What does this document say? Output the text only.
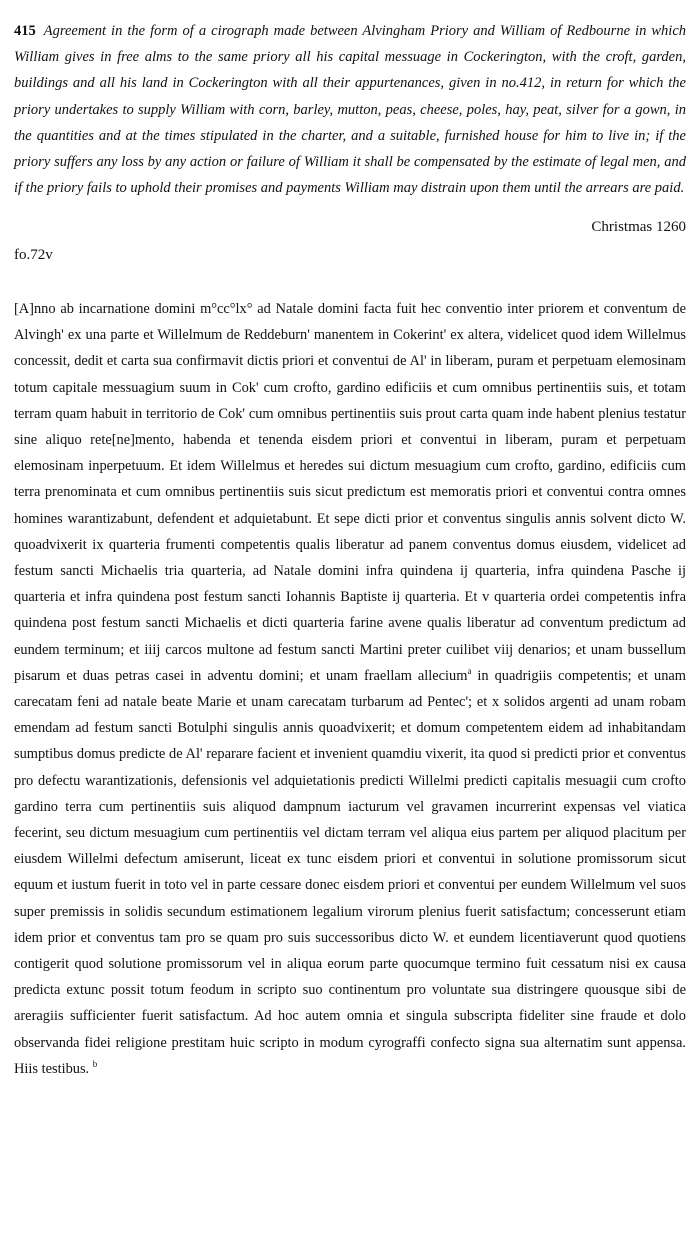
415 Agreement in the form of a cirograph made between Alvingham Priory and William of Redbourne in which William gives in free alms to the same priory all his capital messuage in Cockerington, with the croft, garden, buildings and all his land in Cockerington with all their appurtenances, given in no.412, in return for which the priory undertakes to supply William with corn, barley, mutton, peas, cheese, poles, hay, peat, silver for a gown, in the quantities and at the times stipulated in the charter, and a suitable, furnished house for him to live in; if the priory suffers any loss by any action or failure of William it shall be compensated by the estimate of legal men, and if the priory fails to uphold their promises and payments William may distrain upon them until the arrears are paid.

Christmas 1260
fo.72v

[A]nno ab incarnatione domini m°cc°lx° ad Natale domini facta fuit hec conventio inter priorem et conventum de Alvingh' ex una parte et Willelmum de Reddeburn' manentem in Cokerint' ex altera, videlicet quod idem Willelmus concessit, dedit et carta sua confirmavit dictis priori et conventui de Al' in liberam, puram et perpetuam elemosinam totum capitale messuagium suum in Cok' cum crofto, gardino edificiis et cum omnibus pertinentiis suis, et totam terram quam habuit in territorio de Cok' cum omnibus pertinentiis suis prout carta quam inde habent plenius testatur sine aliquo rete[ne]mento, habenda et tenenda eisdem priori et conventui in liberam, puram et perpetuam elemosinam inperpetuum. Et idem Willelmus et heredes sui dictum mesuagium cum crofto, gardino, edificiis cum terra prenominata et cum omnibus pertinentiis suis sicut predictum est memoratis priori et conventui contra omnes homines warantizabunt, defendent et adquietabunt. Et sepe dicti prior et conventus singulis annis solvent dicto W. quoadvixerit ix quarteria frumenti competentis qualis liberatur ad panem conventus domus eiusdem, videlicet ad festum sancti Michaelis tria quarteria, ad Natale domini infra quindena ij quarteria, infra quindena Pasche ij quarteria et infra quindena post festum sancti Iohannis Baptiste ij quarteria. Et v quarteria ordei competentis infra quindena post festum sancti Michaelis et dicti quarteria farine avene qualis liberatur ad conventum predictum ad eundem terminum; et iiij carcos multone ad festum sancti Martini preter cuilibet viij denarios; et unam bussellum pisarum et duas petras casei in adventu domini; et unam fraellam allecium$^a$ in quadrigiis competentis; et unam carecatam feni ad natale beate Marie et unam carecatam turbarum ad Pentec'; et x solidos argenti ad unam robam emendam ad festum sancti Botulphi singulis annis quoadvixerit; et domum competentem eidem ad inhabitandam sumptibus domus predicte de Al' reparare facient et invenient quamdiu vixerit, ita quod si predicti prior et conventus pro defectu warantizationis, defensionis vel adquietationis predicti Willelmi predicti capitalis mesuagii cum crofto gardino terra cum pertinentiis suis aliquod dampnum iacturum vel gravamen incurrerint expensas vel viatica fecerint, seu dictum mesuagium cum pertinentiis vel dictam terram vel aliqua eius partem per aliquod placitum per eiusdem Willelmi defectum amiserunt, liceat ex tunc eisdem priori et conventui in solutione promissorum sicut equum et iustum fuerit in toto vel in parte cessare donec eisdem priori et conventui per eundem Willelmum vel suos super premissis in solidis secundum estimationem legalium virorum plenius fuerit satisfactum; concesserunt etiam idem prior et conventus tam pro se quam pro suis successoribus dicto W. et eundem licentiaverunt quod quotiens contigerit quod solutione promissorum vel in aliqua eorum parte quocumque termino fuit cessatum nisi ex causa predicta extunc possit totum feodum in scripto suo continentum pro voluntate sua distringere quousque sibi de areragiis sufficienter fuerit satisfactum. Ad hoc autem omnia et singula subscripta fideliter sine fraude et dolo observanda fidei religione prestitam huic scripto in modum cyrograffi confecto signa sua alternatim sunt appensa. Hiis testibus. $^b$
